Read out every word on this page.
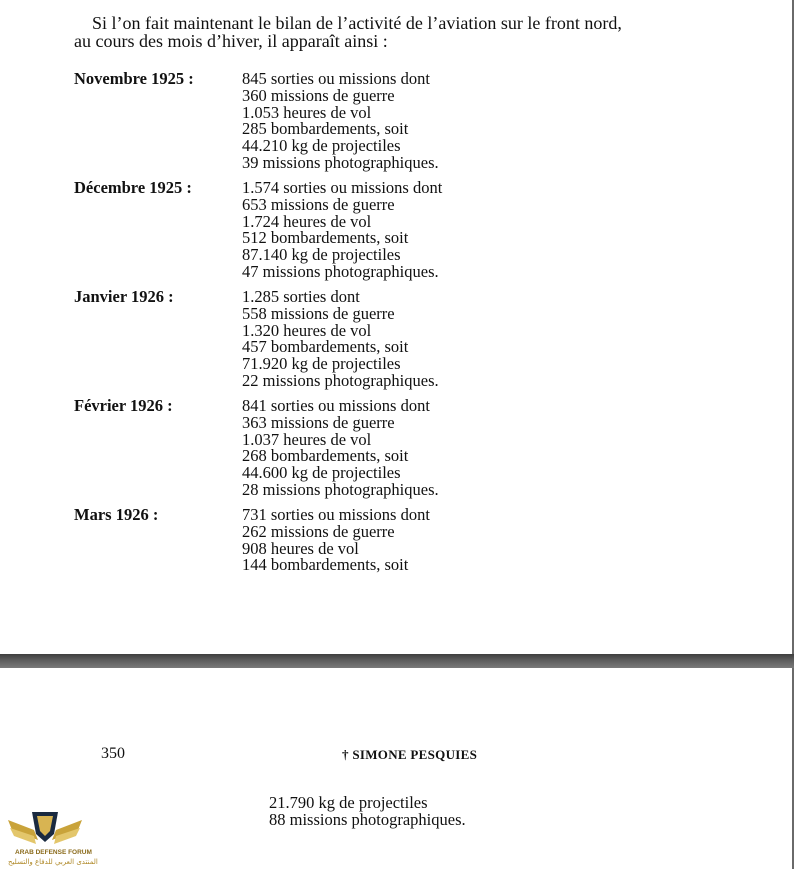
Si l’on fait maintenant le bilan de l’activité de l’aviation sur le front nord,
au cours des mois d’hiver, il apparaît ainsi :

Novembre 1925 :	845 sorties ou missions dont
360 missions de guerre
1.053 heures de vol
285 bombardements, soit
44.210 kg de projectiles
39 missions photographiques.
Décembre 1925 :	1.574 sorties ou missions dont
653 missions de guerre
1.724 heures de vol
512 bombardements, soit
87.140 kg de projectiles
47 missions photographiques.
Janvier 1926 :	1.285 sorties dont
558 missions de guerre
1.320 heures de vol
457 bombardements, soit
71.920 kg de projectiles
22 missions photographiques.
Février 1926 :	841 sorties ou missions dont
363 missions de guerre
1.037 heures de vol
268 bombardements, soit
44.600 kg de projectiles
28 missions photographiques.
Mars 1926 :	731 sorties ou missions dont
262 missions de guerre
908 heures de vol
144 bombardements, soit
350	† SIMONE PESQUIES
21.790 kg de projectiles
88 missions photographiques.
ARAB DEFENSE FORUM
المنتدى العربي للدفاع والتسليح
